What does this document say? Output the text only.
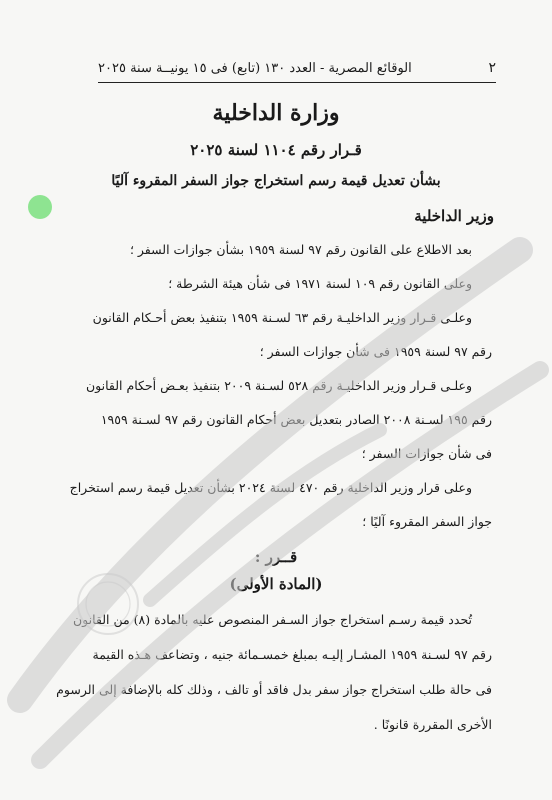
٢
الوقائع المصرية - العدد ١٣٠ (تابع) فى ١٥ يونيــة سنة ٢٠٢٥
وزارة الداخلية
قـرار رقم ١١٠٤ لسنة ٢٠٢٥
بشأن تعديل قيمة رسم استخراج جواز السفر المقروء آليًا
وزير الداخلية
بعد الاطلاع على القانون رقم ٩٧ لسنة ١٩٥٩ بشأن جوازات السفر ؛
وعلى القانون رقم ١٠٩ لسنة ١٩٧١ فى شأن هيئة الشرطة ؛
وعلـى قـرار وزير الداخليـة رقم ٦٣ لسـنة ١٩٥٩ بتنفيذ بعض أحـكام القانون
رقم ٩٧ لسنة ١٩٥٩ فى شأن جوازات السفر ؛
وعلـى قـرار وزير الداخليـة رقم ٥٢٨ لسـنة ٢٠٠٩ بتنفيذ بعـض أحكام القانون
رقم ١٩٥ لسـنة ٢٠٠٨ الصادر بتعديل بعض أحكام القانون رقم ٩٧ لسـنة ١٩٥٩
فى شأن جوازات السفر ؛
وعلى قرار وزير الداخلية رقم ٤٧٠ لسنة ٢٠٢٤ بشأن تعديل قيمة رسم استخراج
جواز السفر المقروء آليًا ؛
قــرر :
(المادة الأولى)
تُحدد قيمة رسـم استخراج جواز السـفر المنصوص عليه بالمادة (٨) من القانون
رقم ٩٧ لسـنة ١٩٥٩ المشـار إليـه بمبلغ خمسـمائة جنيه ، وتضاعف هـذه القيمة
فى حالة طلب استخراج جواز سفر بدل فاقد أو تالف ، وذلك كله بالإضافة إلى الرسوم
الأخرى المقررة قانونًا .
